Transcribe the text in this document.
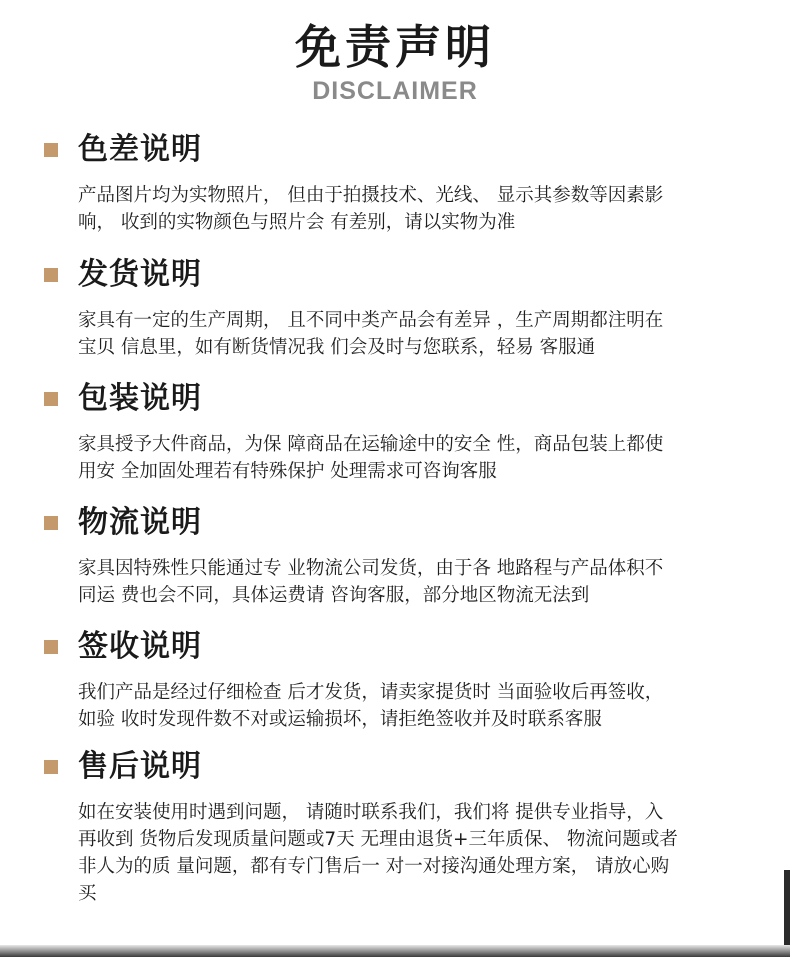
免责声明
DISCLAIMER
色差说明
产品图片均为实物照片， 但由于拍摄技术、光线、 显示其参数等因素影
响， 收到的实物颜色与照片会 有差别，请以实物为准
发货说明
家具有一定的生产周期， 且不同中类产品会有差异 ，生产周期都注明在
宝贝 信息里，如有断货情况我 们会及时与您联系，轻易 客服通
包装说明
家具授予大件商品，为保 障商品在运输途中的安全 性，商品包装上都使
用安 全加固处理若有特殊保护 处理需求可咨询客服
物流说明
家具因特殊性只能通过专 业物流公司发货，由于各 地路程与产品体积不
同运 费也会不同，具体运费请 咨询客服，部分地区物流无法到
签收说明
我们产品是经过仔细检查 后才发货，请卖家提货时 当面验收后再签收，
如验 收时发现件数不对或运输损坏，请拒绝签收并及时联系客服
售后说明
如在安装使用时遇到问题， 请随时联系我们，我们将 提供专业指导，入
再收到 货物后发现质量问题或7天 无理由退货+三年质保、 物流问题或者
非人为的质 量问题，都有专门售后一 对一对接沟通处理方案， 请放心购
买
